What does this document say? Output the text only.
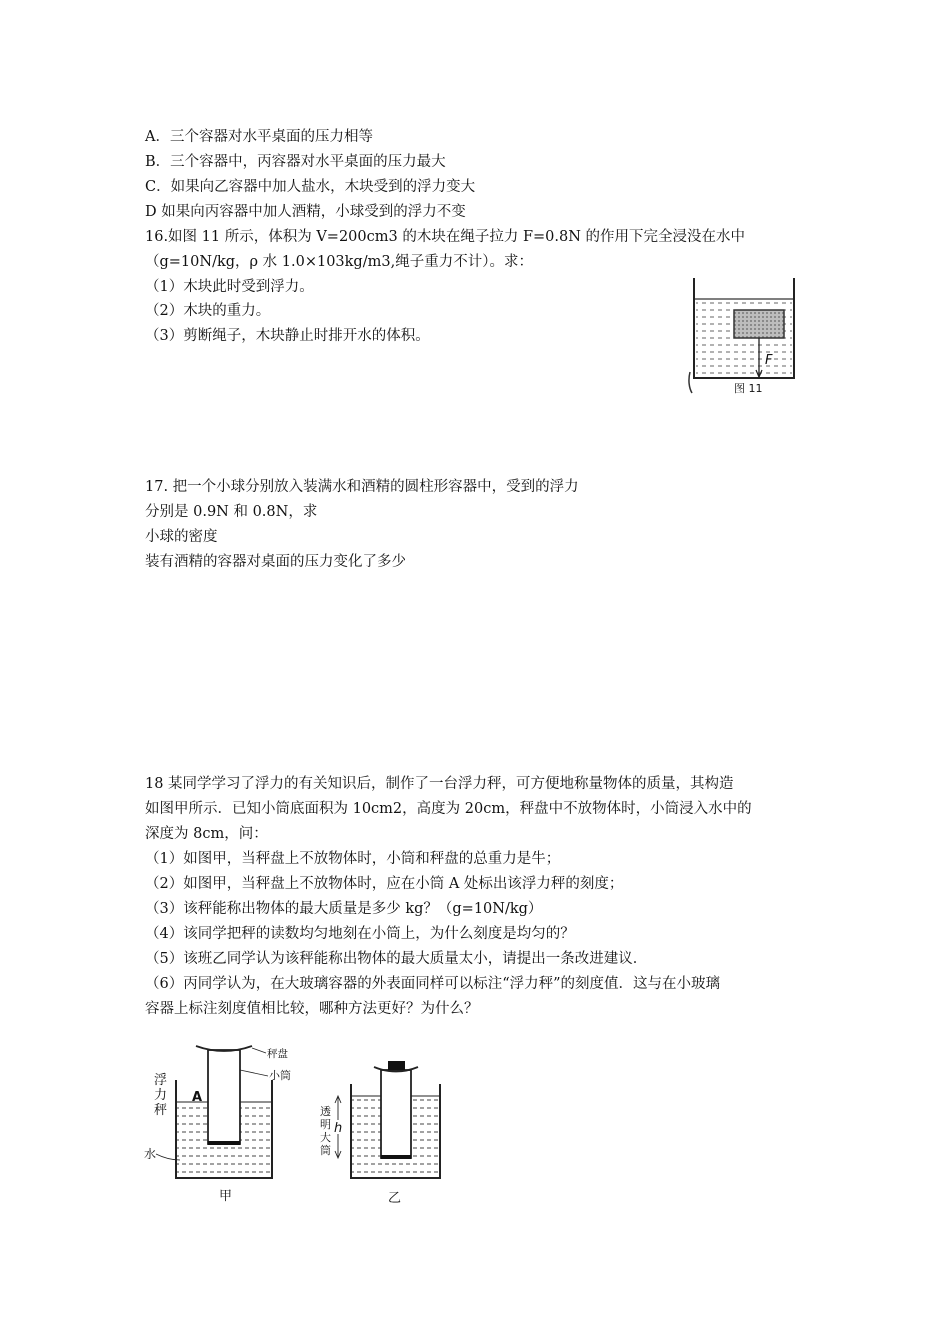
A．三个容器对水平桌面的压力相等
B．三个容器中，丙容器对水平桌面的压力最大
C．如果向乙容器中加人盐水，木块受到的浮力变大
D 如果向丙容器中加人酒精，小球受到的浮力不变
16.如图 11 所示，体积为 V=200cm3 的木块在绳子拉力 F=0.8N 的作用下完全浸没在水中
（g=10N/kg，ρ 水 1.0×103kg/m3,绳子重力不计）。求：
（1）木块此时受到浮力。
（2）木块的重力。
（3）剪断绳子，木块静止时排开水的体积。
F
图 11
17. 把一个小球分别放入装满水和酒精的圆柱形容器中，受到的浮力
分别是 0.9N 和 0.8N，求
小球的密度
装有酒精的容器对桌面的压力变化了多少
18 某同学学习了浮力的有关知识后，制作了一台浮力秤，可方便地称量物体的质量，其构造
如图甲所示．已知小筒底面积为 10cm2，高度为 20cm，秤盘中不放物体时，小筒浸入水中的
深度为 8cm，问：
（1）如图甲，当秤盘上不放物体时，小筒和秤盘的总重力是牛；
（2）如图甲，当秤盘上不放物体时，应在小筒 A 处标出该浮力秤的刻度；
（3）该秤能称出物体的最大质量是多少 kg？（g=10N/kg）
（4）该同学把秤的读数均匀地刻在小筒上，为什么刻度是均匀的？
（5）该班乙同学认为该秤能称出物体的最大质量太小，请提出一条改进建议．
（6）丙同学认为，在大玻璃容器的外表面同样可以标注“浮力秤”的刻度值．这与在小玻璃
容器上标注刻度值相比较，哪种方法更好？为什么？
秤盘
小筒
浮
力
秤
A
水
甲
透
明
大
筒
h
乙
